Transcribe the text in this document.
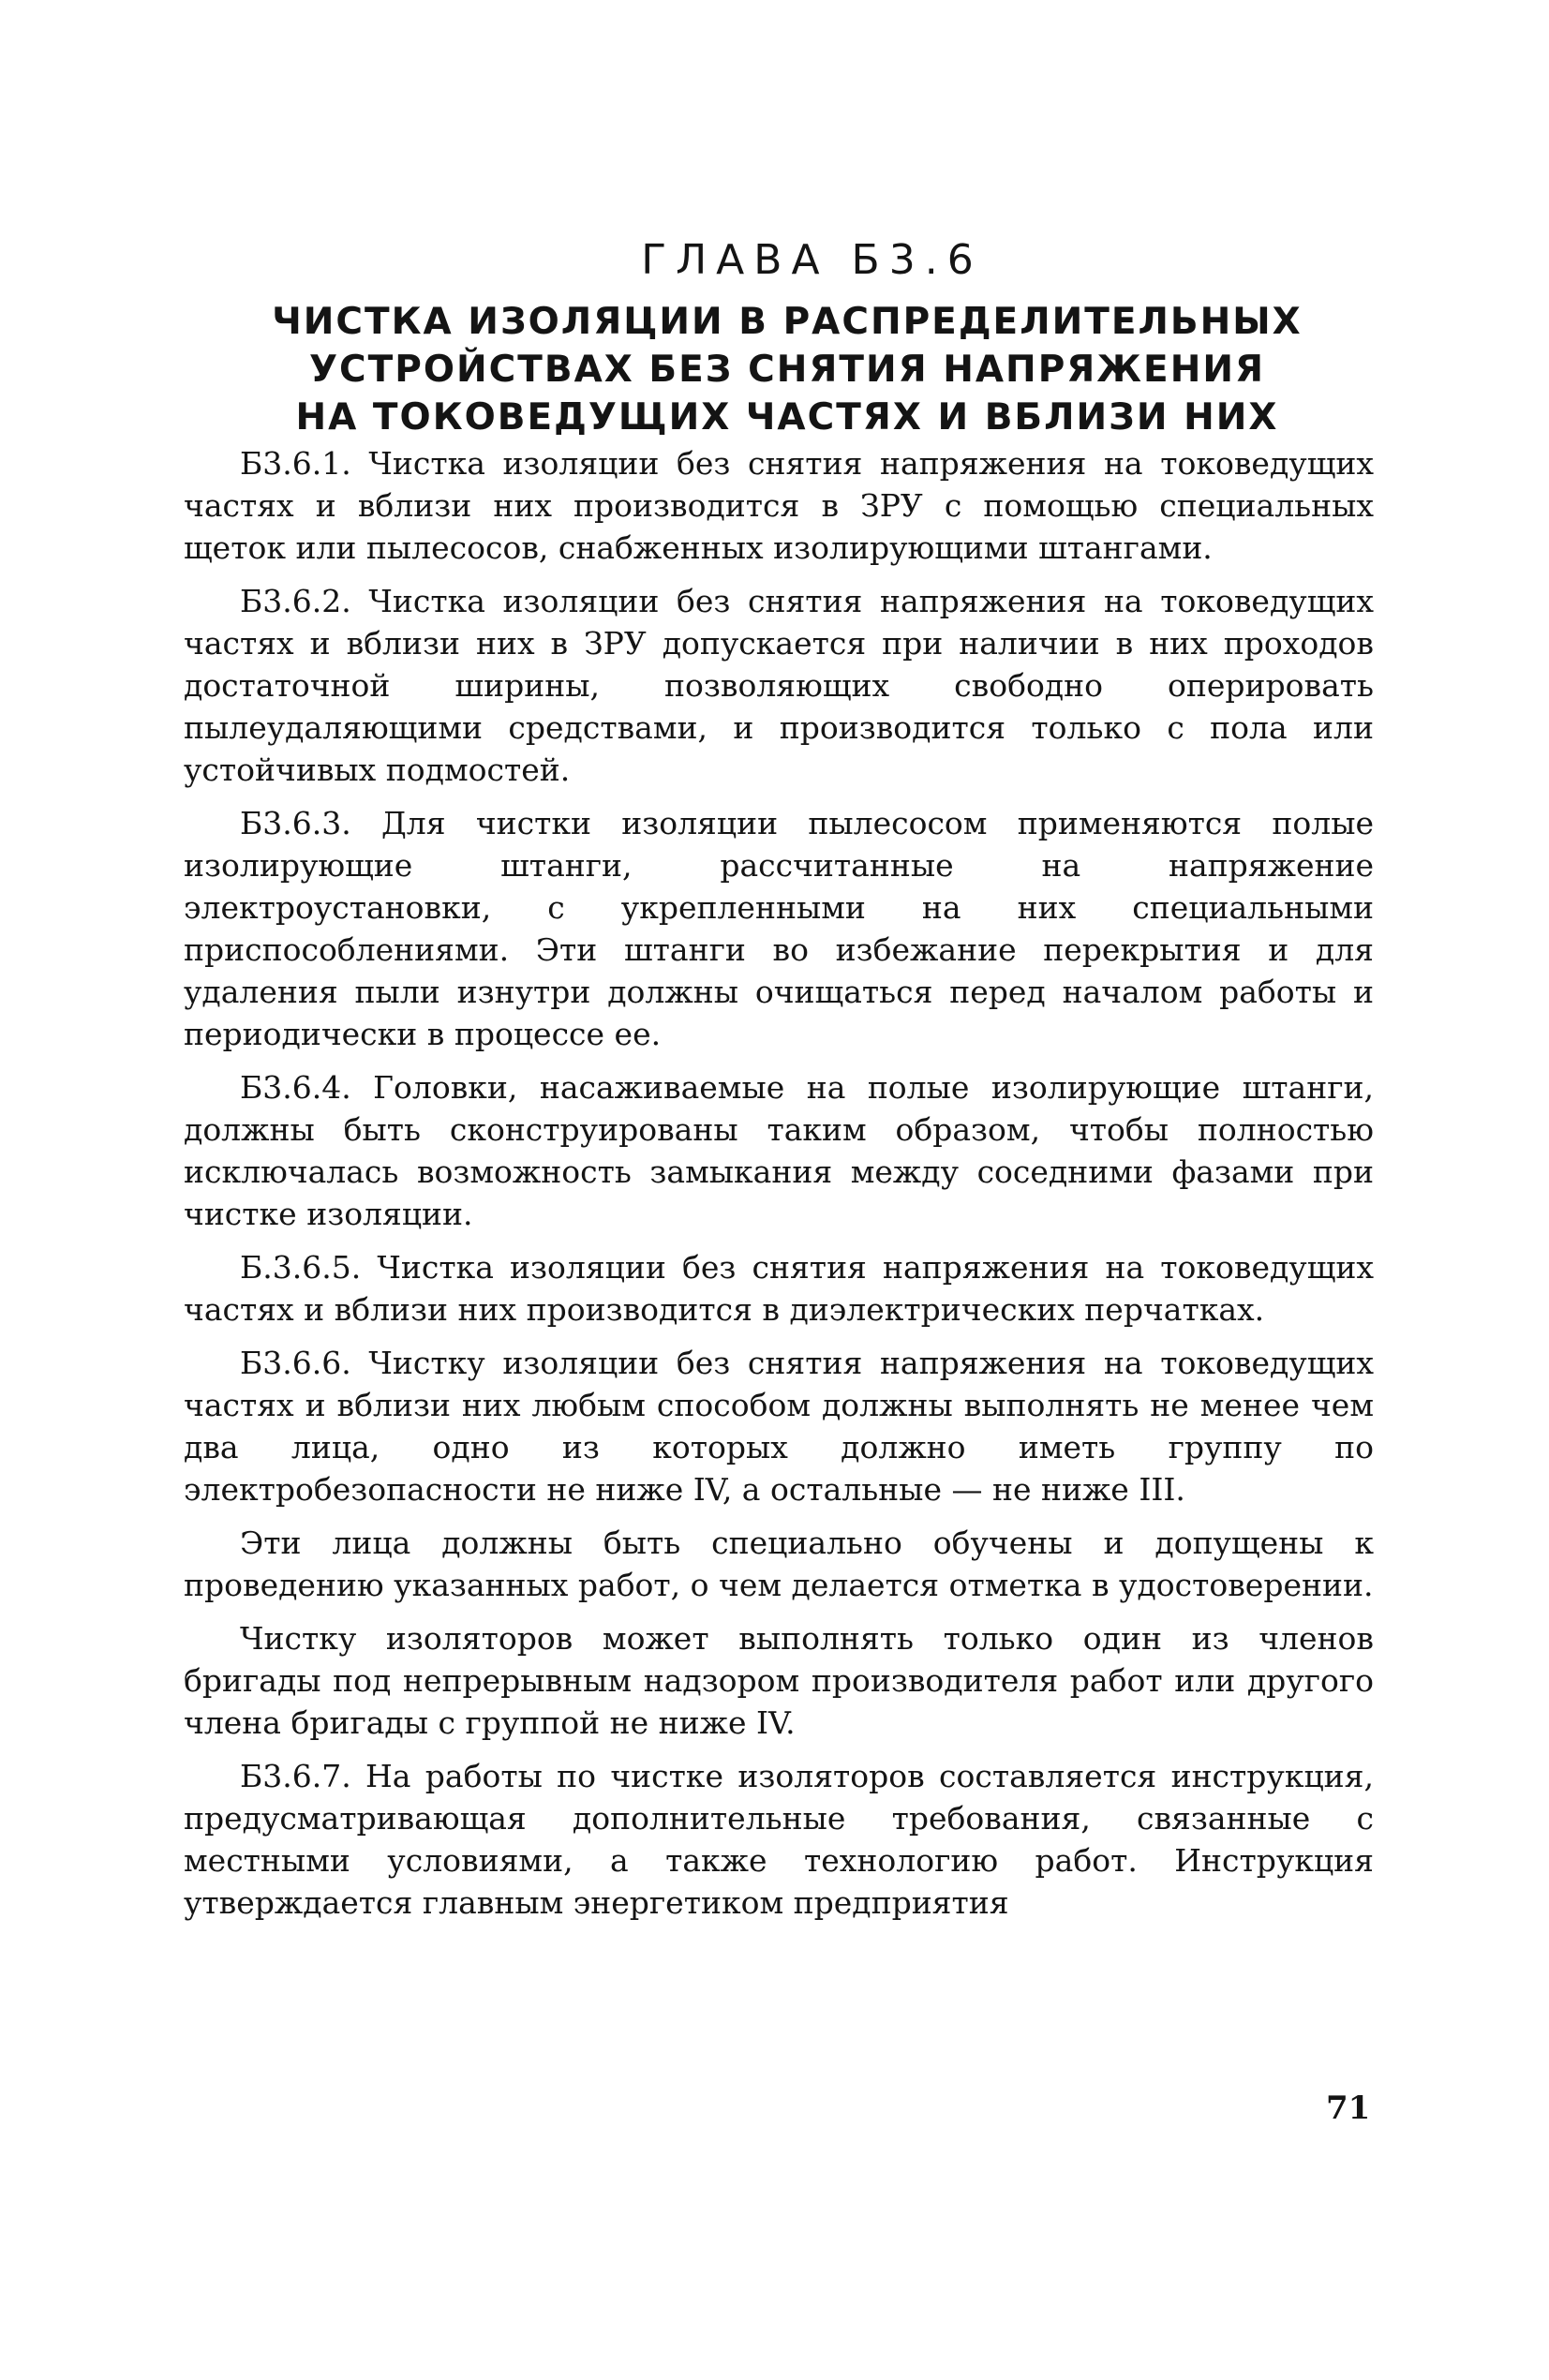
ГЛАВА Б3.6
ЧИСТКА ИЗОЛЯЦИИ В РАСПРЕДЕЛИТЕЛЬНЫХ
УСТРОЙСТВАХ БЕЗ СНЯТИЯ НАПРЯЖЕНИЯ
НА ТОКОВЕДУЩИХ ЧАСТЯХ И ВБЛИЗИ НИХ

Б3.6.1. Чистка изоляции без снятия напряжения на токоведущих частях и вблизи них производится в ЗРУ с помощью специальных щеток или пылесосов, снабженных изолирующими штангами.

Б3.6.2. Чистка изоляции без снятия напряжения на токоведущих частях и вблизи них в ЗРУ допускается при наличии в них проходов достаточной ширины, позволяющих свободно оперировать пылеудаляющими средствами, и производится только с пола или устойчивых подмостей.

Б3.6.3. Для чистки изоляции пылесосом применяются полые изолирующие штанги, рассчитанные на напряжение электроустановки, с укрепленными на них специальными приспособлениями. Эти штанги во избежание перекрытия и для удаления пыли изнутри должны очищаться перед началом работы и периодически в процессе ее.

Б3.6.4. Головки, насаживаемые на полые изолирующие штанги, должны быть сконструированы таким образом, чтобы полностью исключалась возможность замыкания между соседними фазами при чистке изоляции.

Б.3.6.5. Чистка изоляции без снятия напряжения на токоведущих частях и вблизи них производится в диэлектрических перчатках.

Б3.6.6. Чистку изоляции без снятия напряжения на токоведущих частях и вблизи них любым способом должны выполнять не менее чем два лица, одно из которых должно иметь группу по электробезопасности не ниже IV, а остальные — не ниже III.

Эти лица должны быть специально обучены и допущены к проведению указанных работ, о чем делается отметка в удостоверении.

Чистку изоляторов может выполнять только один из членов бригады под непрерывным надзором производителя работ или другого члена бригады с группой не ниже IV.

Б3.6.7. На работы по чистке изоляторов составляется инструкция, предусматривающая дополнительные требования, связанные с местными условиями, а также технологию работ. Инструкция утверждается главным энергетиком предприятия

71
